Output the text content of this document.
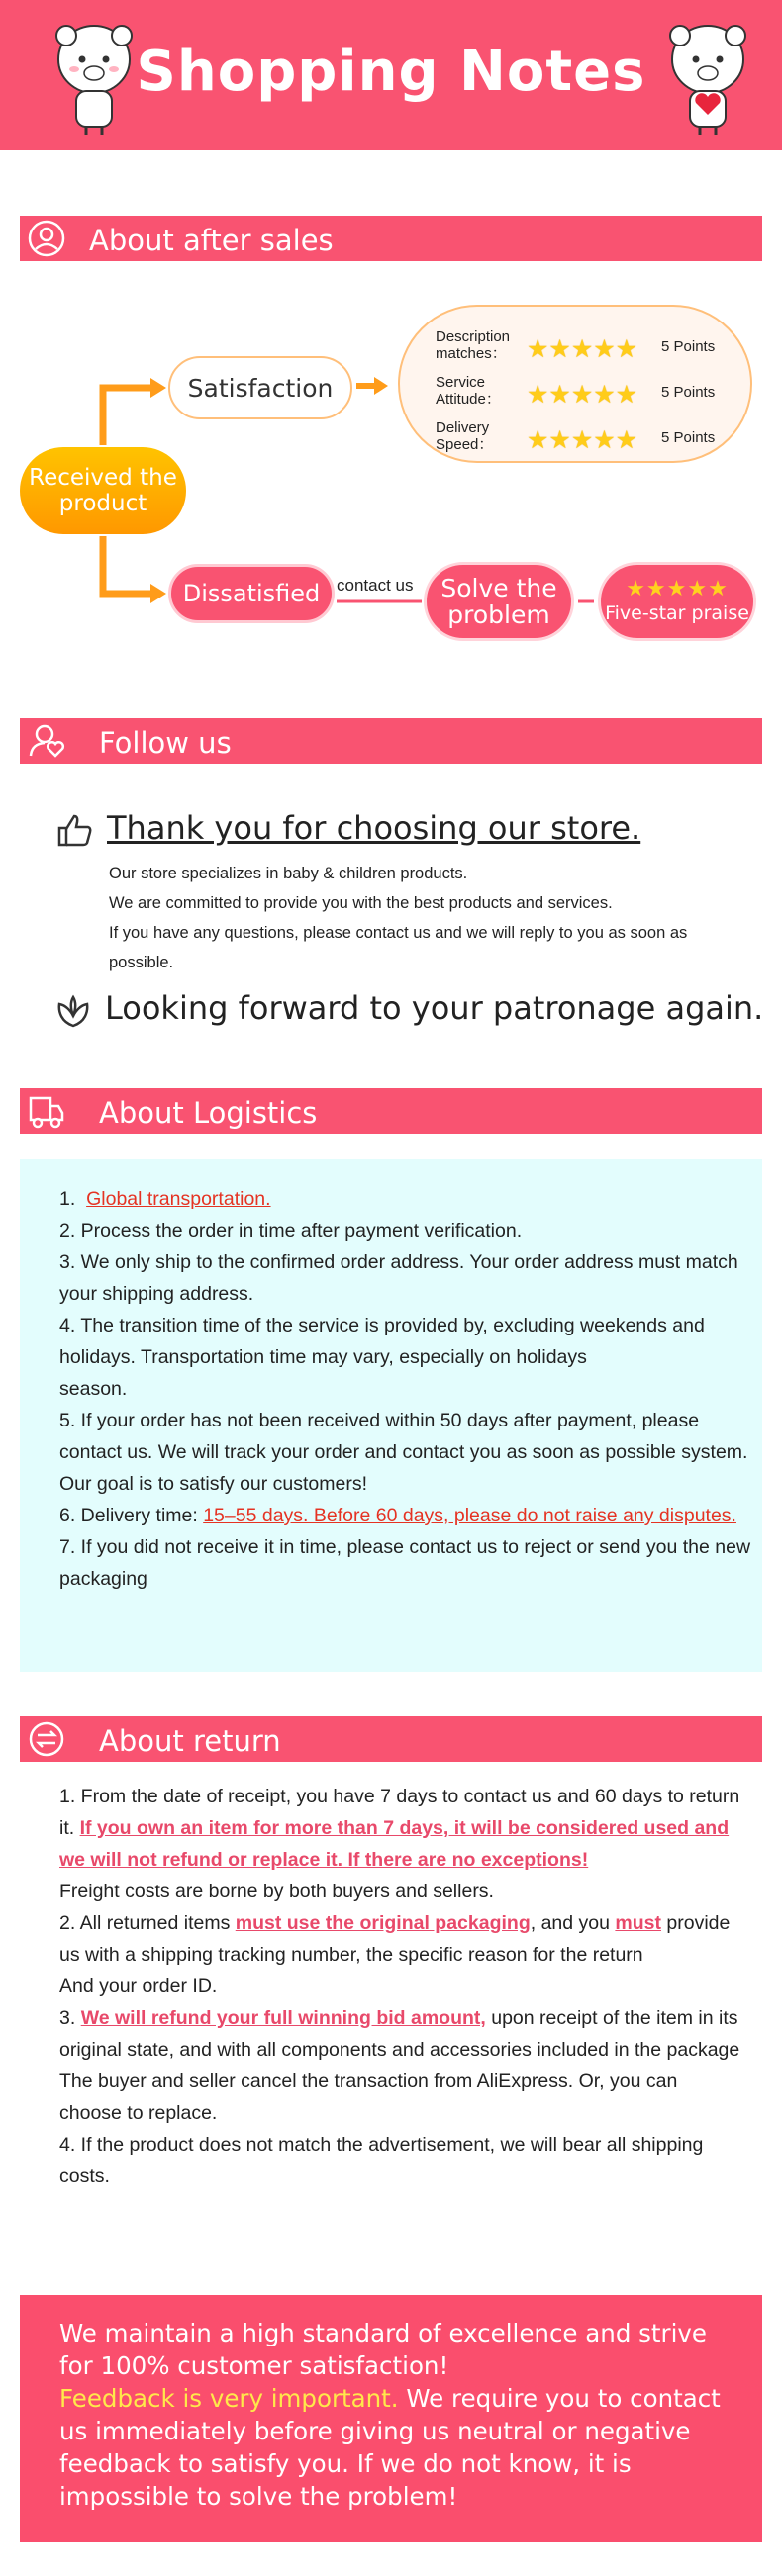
Shopping Notes
About after sales
Satisfaction
Received the product
Dissatisfied contact us	Solve the problem
★★★★★
Five-star praise
Description matches： ★★★★★ 5 Points
Service Attitude：	★★★★★ 5 Points
Delivery Speed：	★★★★★ 5 Points
Follow us
Thank you for choosing our store.
Our store specializes in baby & children products.
We are committed to provide you with the best products and services.
If you have any questions, please contact us and we will reply to you as soon as possible.
Looking forward to your patronage again.
About Logistics

1. Global transportation.

2. Process the order in time after payment verification.

3. We only ship to the confirmed order address. Your order address must match your shipping address.

4. The transition time of the service is provided by, excluding weekends and holidays. Transportation time may vary, especially on holidays

season.

5. If your order has not been received within 50 days after payment, please contact us. We will track your order and contact you as soon as possible system. Our goal is to satisfy our customers!

6. Delivery time: 15–55 days. Before 60 days, please do not raise any disputes.

7. If you did not receive it in time, please contact us to reject or send you the new packaging

About return

1. From the date of receipt, you have 7 days to contact us and 60 days to return it. If you own an item for more than 7 days, it will be considered used and we will not refund or replace it. If there are no exceptions!

Freight costs are borne by both buyers and sellers.

2. All returned items must use the original packaging, and you must provide us with a shipping tracking number, the specific reason for the return

And your order ID.

3. We will refund your full winning bid amount, upon receipt of the item in its original state, and with all components and accessories included in the package

The buyer and seller cancel the transaction from AliExpress. Or, you can choose to replace.

4. If the product does not match the advertisement, we will bear all shipping costs.

We maintain a high standard of excellence and strive for 100% customer satisfaction!
Feedback is very important. We require you to contact us immediately before giving us neutral or negative feedback to satisfy you. If we do not know, it is impossible to solve the problem!
